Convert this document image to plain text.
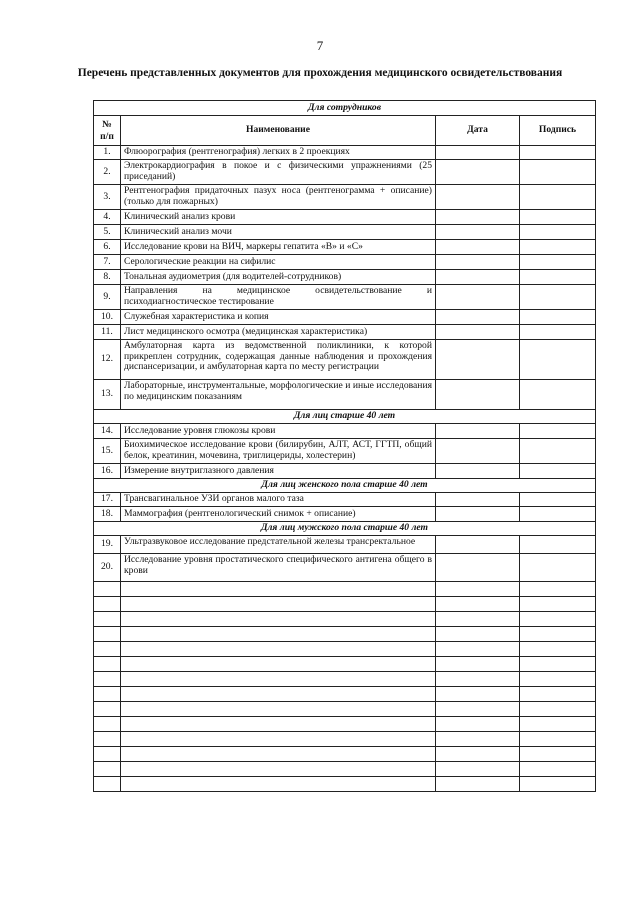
7
Перечень представленных документов для прохождения медицинского освидетельствования
Для сотрудников			

№
п/п	Наименование	Дата	Подпись
1.	Флюорография (рентгенография) легких в 2 проекциях		
2.	Электрокардиография в покое и с физическими упражнениями (25 приседаний)		
3.	Рентгенография придаточных пазух носа (рентгенограмма + описание) (только для пожарных)		
4.	Клинический анализ крови		
5.	Клинический анализ мочи		
6.	Исследование крови на ВИЧ, маркеры гепатита «В» и «С»		
7.	Серологические реакции на сифилис		
8.	Тональная аудиометрия (для водителей-сотрудников)		
9.	Направления на медицинское освидетельствование и психодиагностическое тестирование		
10.	Служебная характеристика и копия		
11.	Лист медицинского осмотра (медицинская характеристика)		
12.	Амбулаторная карта из ведомственной поликлиники, к которой прикреплен сотрудник, содержащая данные наблюдения и прохождения диспансеризации, и амбулаторная карта по месту регистрации		
13.	Лабораторные, инструментальные, морфологические и иные исследования по медицинским показаниям		
Для лиц старше 40 лет			
14.	Исследование уровня глюкозы крови		
15.	Биохимическое исследование крови (билирубин, АЛТ, АСТ, ГГТП, общий белок, креатинин, мочевина, триглицериды, холестерин)		
16.	Измерение внутриглазного давления		
Для лиц женского пола старше 40 лет			
17.	Трансвагинальное УЗИ органов малого таза		
18.	Маммография (рентгенологический снимок + описание)		
Для лиц мужского пола старше 40 лет			
19.	Ультразвуковое исследование предстательной железы трансректальное		
20.	Исследование уровня простатического специфического антигена общего в крови		
